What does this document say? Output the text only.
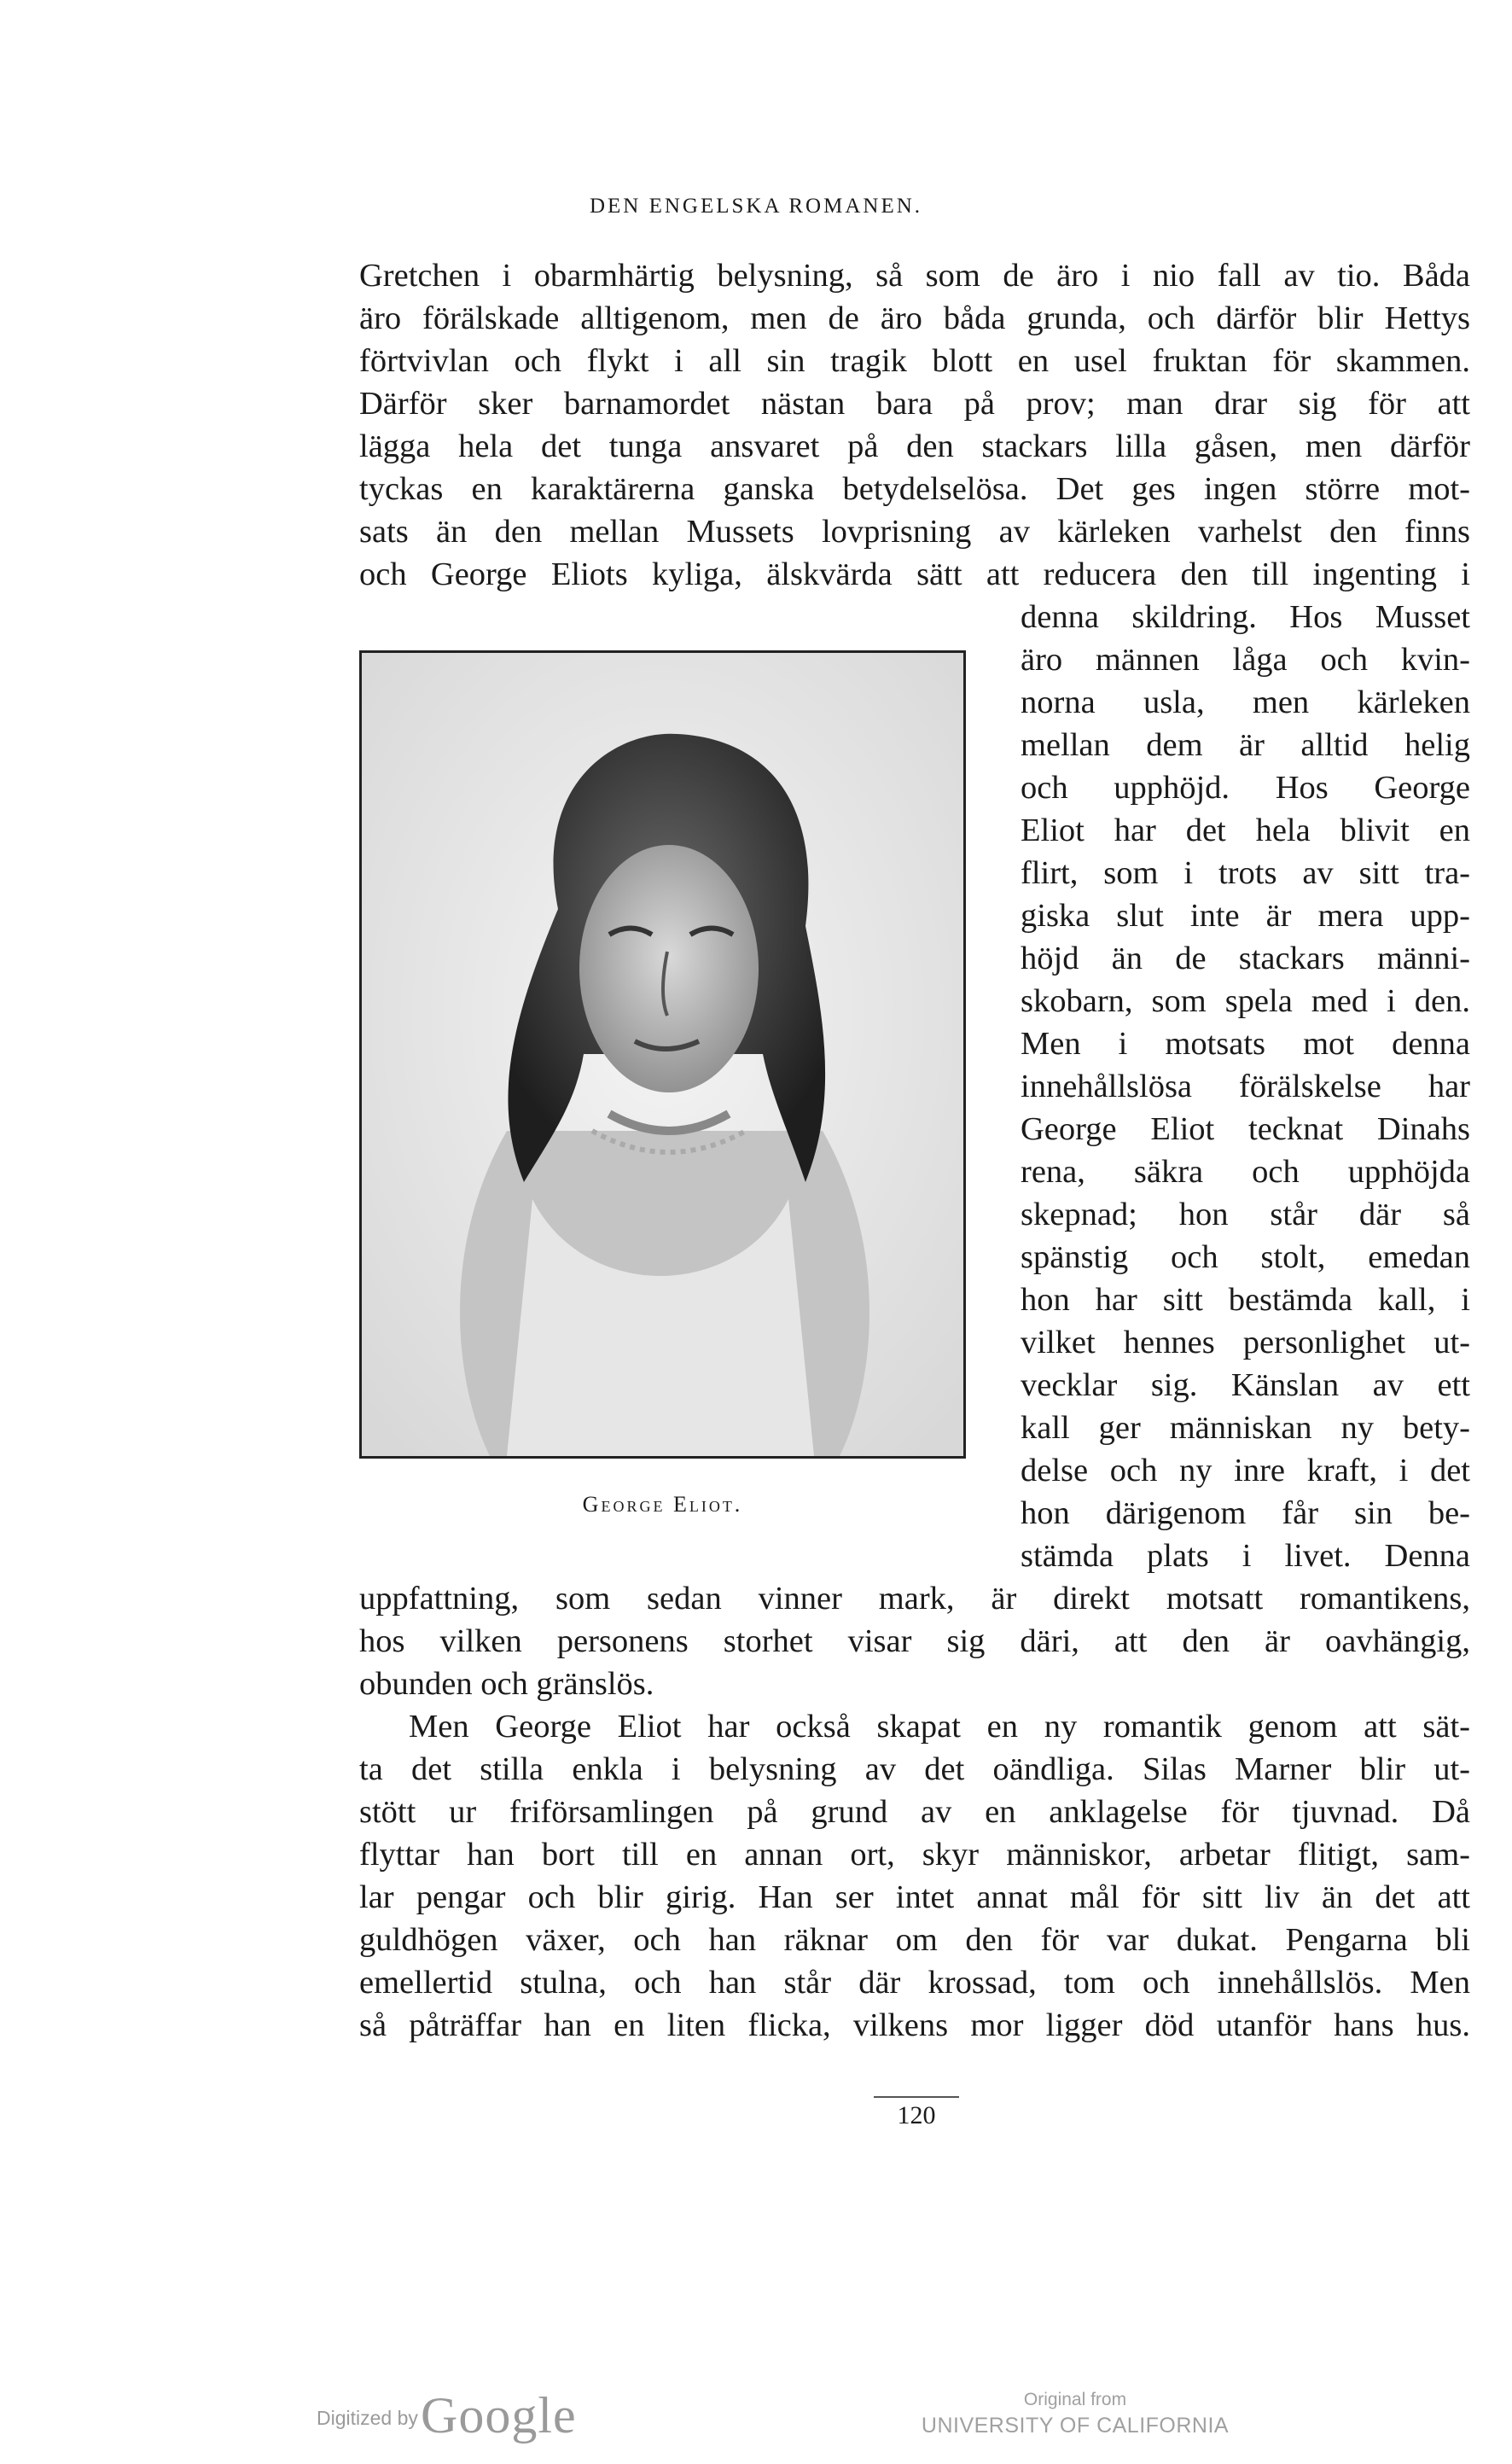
DEN ENGELSKA ROMANEN.
Gretchen i obarmhärtig belysning, så som de äro i nio fall av tio. Båda
äro förälskade alltigenom, men de äro båda grunda, och därför blir Hettys
förtvivlan och flykt i all sin tragik blott en usel fruktan för skammen.
Därför sker barnamordet nästan bara på prov; man drar sig för att
lägga hela det tunga ansvaret på den stackars lilla gåsen, men därför
tyckas en karaktärerna ganska betydelselösa. Det ges ingen större mot-
sats än den mellan Mussets lovprisning av kärleken varhelst den finns
och George Eliots kyliga, älskvärda sätt att reducera den till ingenting i
George Eliot.
denna skildring. Hos Musset
äro männen låga och kvin-
norna usla, men kärleken
mellan dem är alltid helig
och upphöjd. Hos George
Eliot har det hela blivit en
flirt, som i trots av sitt tra-
giska slut inte är mera upp-
höjd än de stackars männi-
skobarn, som spela med i den.
Men i motsats mot denna
innehållslösa förälskelse har
George Eliot tecknat Dinahs
rena, säkra och upphöjda
skepnad; hon står där så
spänstig och stolt, emedan
hon har sitt bestämda kall, i
vilket hennes personlighet ut-
vecklar sig. Känslan av ett
kall ger människan ny bety-
delse och ny inre kraft, i det
hon därigenom får sin be-
stämda plats i livet. Denna
uppfattning, som sedan vinner mark, är direkt motsatt romantikens,
hos vilken personens storhet visar sig däri, att den är oavhängig,
obunden och gränslös.
Men George Eliot har också skapat en ny romantik genom att sät-
ta det stilla enkla i belysning av det oändliga. Silas Marner blir ut-
stött ur friförsamlingen på grund av en anklagelse för tjuvnad. Då
flyttar han bort till en annan ort, skyr människor, arbetar flitigt, sam-
lar pengar och blir girig. Han ser intet annat mål för sitt liv än det att
guldhögen växer, och han räknar om den för var dukat. Pengarna bli
emellertid stulna, och han står där krossad, tom och innehållslös. Men
så påträffar han en liten flicka, vilkens mor ligger död utanför hans hus.
120
Digitized by Google	Original from
UNIVERSITY OF CALIFORNIA
